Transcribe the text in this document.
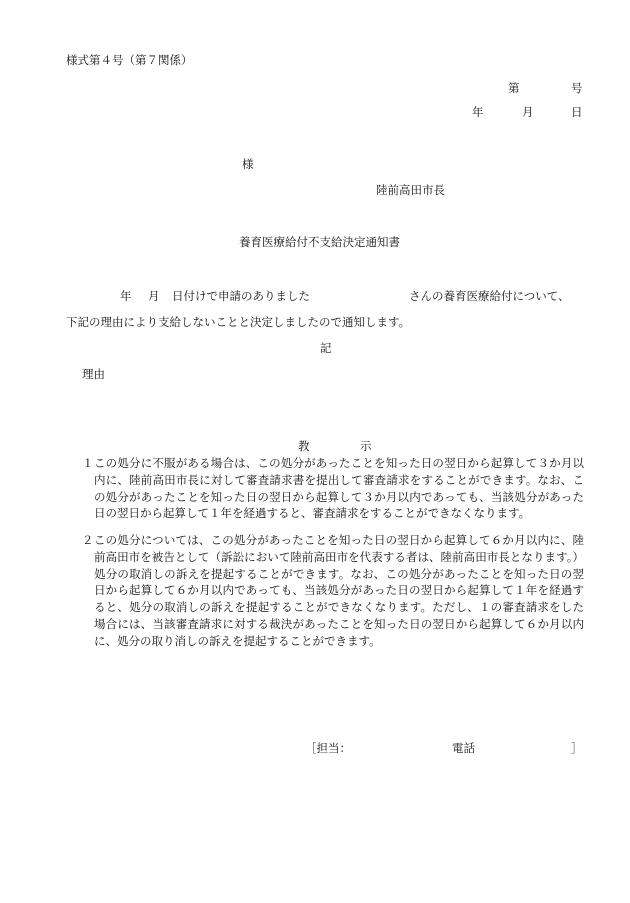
様式第４号（第７関係）
第	号
年	月	日
様
陸前高田市長
養育医療給付不支給決定通知書
年 月 日付けで申請のありました	さんの養育医療給付について、
下記の理由により支給しないことと決定しましたので通知します。
記
理由
教	示
１ この処分に不服がある場合は、この処分があったことを知った日の翌日から起算して３か月以内に、陸前高田市長に対して審査請求書を提出して審査請求をすることができます。なお、この処分があったことを知った日の翌日から起算して３か月以内であっても、当該処分があった日の翌日から起算して１年を経過すると、審査請求をすることができなくなります。
２ この処分については、この処分があったことを知った日の翌日から起算して６か月以内に、陸前高田市を被告として（訴訟において陸前高田市を代表する者は、陸前高田市長となります。）処分の取消しの訴えを提起することができます。なお、この処分があったことを知った日の翌日から起算して６か月以内であっても、当該処分があった日の翌日から起算して１年を経過すると、処分の取消しの訴えを提起することができなくなります。ただし、１の審査請求をした場合には、当該審査請求に対する裁決があったことを知った日の翌日から起算して６か月以内に、処分の取り消しの訴えを提起することができます。
［担当：	電話	］
